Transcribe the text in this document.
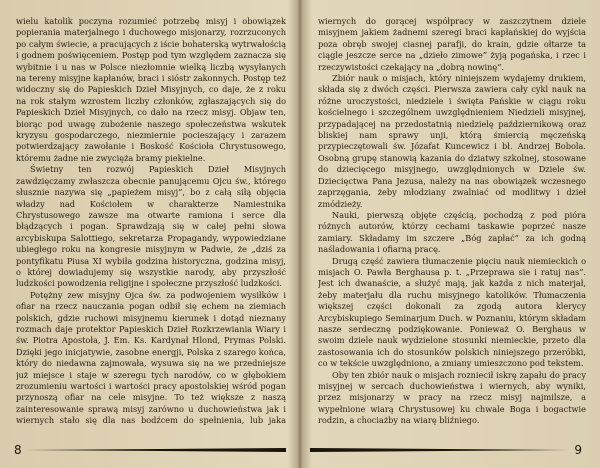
wielu katolik poczyna rozumieć potrzebę misyj i obowiązek popierania materjalnego i duchowego misjonarzy, rozrzuconych po całym świecie, a pracujących z iście bohaterską wytrwałością i godnem poświęceniem. Postęp pod tym względem zaznacza się wybitnie i u nas w Polsce niezłomnie wielką liczbą wysyłanych na tereny misyjne kapłanów, braci i sióstr zakonnych. Postęp też widoczny się do Papieskich Dzieł Misyjnych, co daje, że z roku na rok stałym wzrostem liczby członków, zgłaszających się do Papieskich Dzieł Misyjnych, co dało na rzecz misyj. Objaw ten, biorąc pod uwagę zubożenie naszego społeczeństwa wskutek kryzysu gospodarczego, niezmiernie pocieszający i zarazem potwierdzający zawołanie i Boskość Kościoła Chrystusowego, któremu żadne nie zwycięża bramy piekielne.

Świetny ten rozwój Papieskich Dzieł Misyjnych zawdzięczamy zwłaszcza obecnie panującemu Ojcu św., którego słusznie nazywa się „papieżem misyj”, bo z całą siłą objęcia władzy nad Kościołem w charakterze Namiestnika Chrystusowego zawsze ma otwarte ramiona i serce dla błądzących i pogan. Sprawdzają się w całej pełni słowa arcybiskupa Salottiego, sekretarza Propagandy, wypowiedziane ubiegłego roku na kongresie misyjnym w Padwie, że „dziś za pontyfikatu Piusa XI wybiła godzina historyczna, godzina misyj, o której dowiadujemy się wszystkie narody, aby przyszłość ludzkości powodzenia religijne i społeczne przyszłość ludzkości.

Potężny zew misyjny Ojca św. za podwojeniem wysiłków i ofiar na rzecz nauczania pogan odbił się echem na ziemiach polskich, gdzie ruchowi misyjnemu kierunek i dotąd nieznany rozmach daje protektor Papieskich Dzieł Rozkrzewiania Wiary i św. Piotra Apostoła, J. Em. Ks. Kardynał Hlond, Prymas Polski. Dzięki jego inicjatywie, zasobne energji, Polska z szarego końca, który do niedawna zajmowała, wysuwa się na we przedniejsze już miejsce i staje w szeregu tych narodów, co w głębokiem zrozumieniu wartości i wartości pracy apostolskiej wśród pogan przynoszą ofiar na cele misyjne. To też większe z naszą zainteresowanie sprawą misyj zarówno u duchowieństwa jak i wiernych stało się dla nas bodźcem do spełnienia, lub jaka

8

wiernych do gorącej współpracy w zaszczytnem dziele misyjnem jakiem żadnemi szeregi braci kapłańskiej do wyjścia poza obręb swojej ciasnej parafji, do krain, gdzie ołtarze ta ciągle jeszcze serce na „dzieło zimowe” żyją pogańska, i rzec i rzeczywistości czekający na „dobrą nowinę”.

Zbiór nauk o misjach, który niniejszem wydajemy drukiem, składa się z dwóch części. Pierwsza zawiera cały cykl nauk na różne uroczystości, niedziele i święta Pańskie w ciągu roku kościelnego i szczególnem uwzględnieniem Niedzieli misyjnej, przypadającej na przedostatnią niedzielę październikową oraz bliskiej nam sprawy unji, którą śmiercią męczeńską przypieczętowali św. Józafat Kuncewicz i bł. Andrzej Bobola. Osobną grupę stanowią kazania do dziatwy szkolnej, stosowane do dziecięcego misyjnego, uwzględnionych w Dziele św. Dziecięctwa Pana Jezusa, należy na nas obowiązek wczesnego zaprzęgania, żeby młodziany zwalniać od modlitwy i dzieł zmódzieży.

Nauki, pierwszą objęte częścią, pochodzą z pod pióra różnych autorów, którzy cechami taskawie poprzeć nasze zamiary. Składamy im szczere „Bóg zapłać” za ich godną naśladowania i ofiarną pracę.

Drugą część zawiera tłumaczenie pięciu nauk niemieckich o misjach O. Pawła Berghausa p. t. „Przeprawa sie i ratuj nas”. Jest ich dwanaście, a służyć mają, jak każda z nich materjał, żeby materjału dla ruchu misyjnego katolików. Tłumaczenia większej części dokonali za zgodą autora klerycy Arcybiskupiego Seminarjum Duch. w Poznaniu, którym składam nasze serdecznę podziękowanie. Ponieważ O. Berghaus w swoim dziele nauk wydzielone stosunki niemieckie, przeto dla zastosowania ich do stosunków polskich niniejszego przeróbki, co w tekście uwzględniono, a zmiany umieszczono pod tekstem.

Oby ten zbiór nauk o misjach rozniecił iskrę zapału do pracy misyjnej w sercach duchowieństwa i wiernych, aby wyniki, przez misjonarzy w pracy na rzecz misyj najmilsze, a wypełnione wiarą Chrystusowej ku chwale Boga i bogactwie rodzin, a chociażby na wiarę bliźniego.

9
